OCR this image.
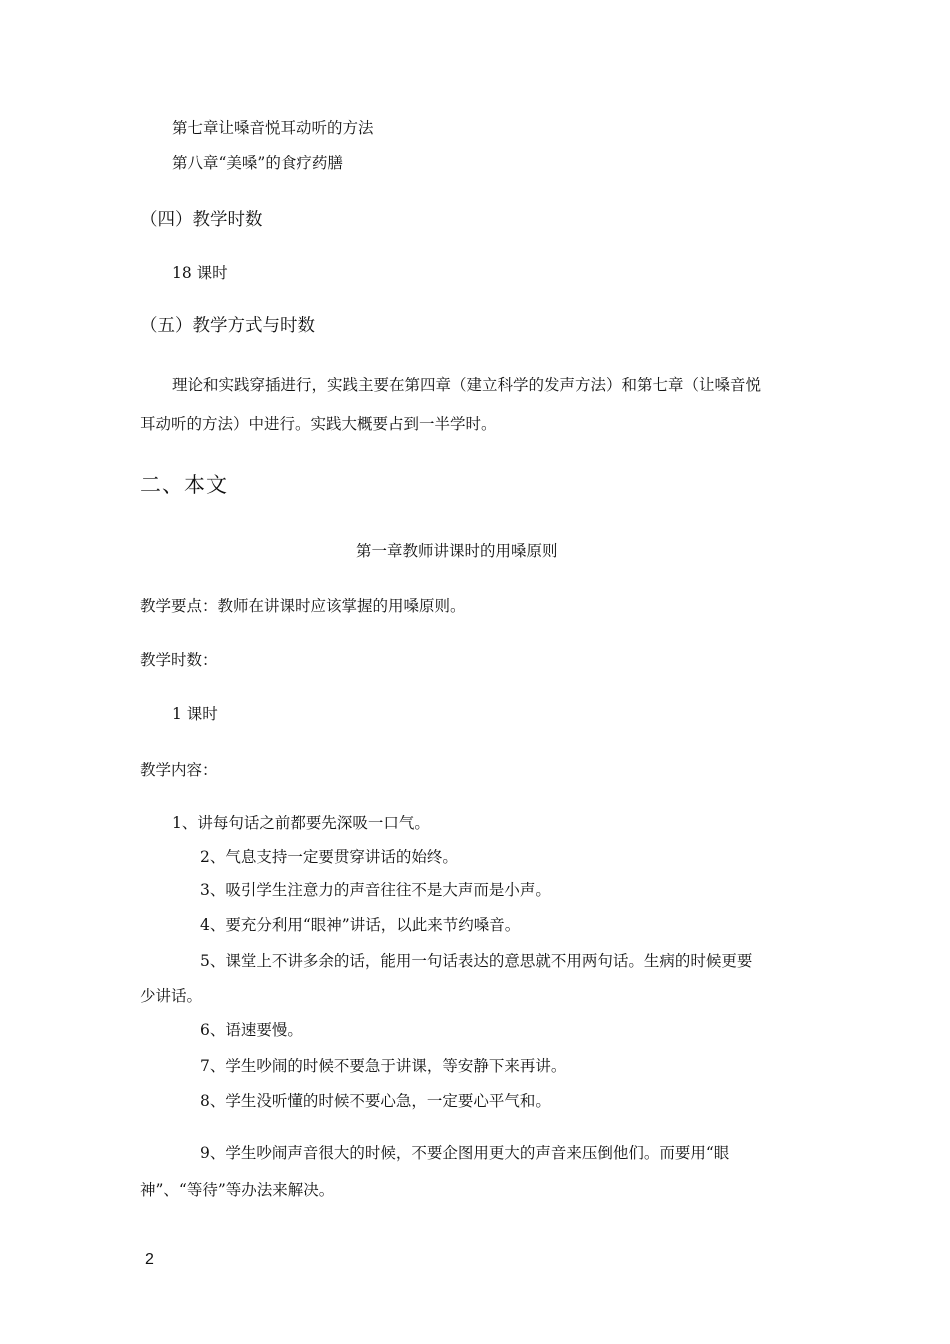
第七章让嗓音悦耳动听的方法
第八章“美嗓”的食疗药膳
（四）教学时数
18 课时
（五）教学方式与时数
理论和实践穿插进行，实践主要在第四章（建立科学的发声方法）和第七章（让嗓音悦
耳动听的方法）中进行。实践大概要占到一半学时。
二、本文
第一章教师讲课时的用嗓原则
教学要点：教师在讲课时应该掌握的用嗓原则。
教学时数：
1 课时
教学内容：
1、讲每句话之前都要先深吸一口气。
2、气息支持一定要贯穿讲话的始终。
3、吸引学生注意力的声音往往不是大声而是小声。
4、要充分利用“眼神”讲话，以此来节约嗓音。
5、课堂上不讲多余的话，能用一句话表达的意思就不用两句话。生病的时候更要
少讲话。
6、语速要慢。
7、学生吵闹的时候不要急于讲课，等安静下来再讲。
8、学生没听懂的时候不要心急，一定要心平气和。
9、学生吵闹声音很大的时候，不要企图用更大的声音来压倒他们。而要用“眼
神”、“等待”等办法来解决。
2
